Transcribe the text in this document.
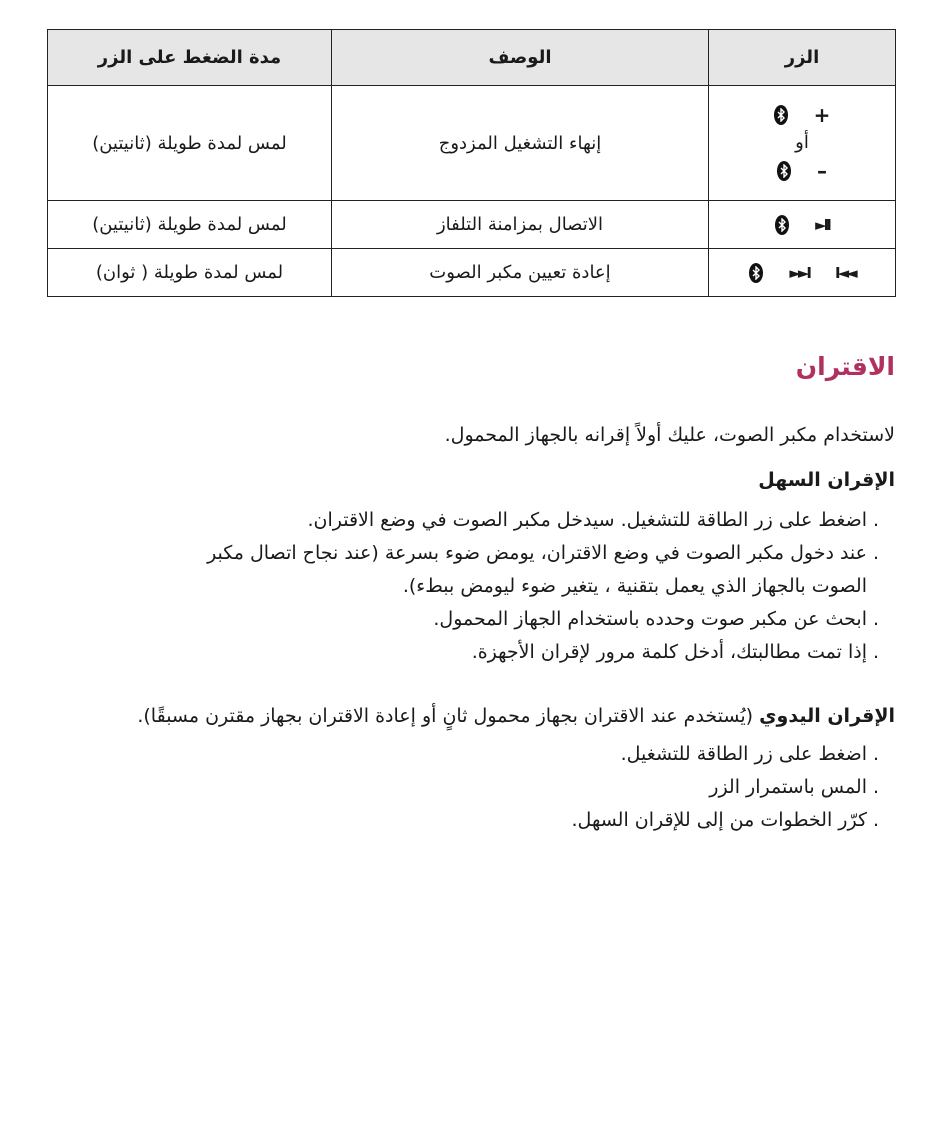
الزر	الوصف	مدة الضغط على الزر

+
أو
–	إنهاء التشغيل المزدوج	لمس لمدة طويلة (ثانيتين)

►II	الاتصال بمزامنة التلفاز	لمس لمدة طويلة (ثانيتين)

►►I I◄◄	إعادة تعيين مكبر الصوت	لمس لمدة طويلة ( ثوان)
الاقتران

لاستخدام مكبر الصوت، عليك أولاً إقرانه بالجهاز المحمول.

الإقران السهل

. اضغط على زر الطاقة للتشغيل. سيدخل مكبر الصوت في وضع الاقتران.
. عند دخول مكبر الصوت في وضع الاقتران، يومض ضوء بسرعة (عند نجاح اتصال مكبر
الصوت بالجهاز الذي يعمل بتقنية ، يتغير ضوء ليومض ببطء).
. ابحث عن مكبر صوت وحدده باستخدام الجهاز المحمول.
. إذا تمت مطالبتك، أدخل كلمة مرور لإقران الأجهزة.

الإقران اليدوي (يُستخدم عند الاقتران بجهاز محمول ثانٍ أو إعادة الاقتران بجهاز مقترن مسبقًا).

. اضغط على زر الطاقة للتشغيل.
. المس باستمرار الزر
. كرّر الخطوات من إلى للإقران السهل.
